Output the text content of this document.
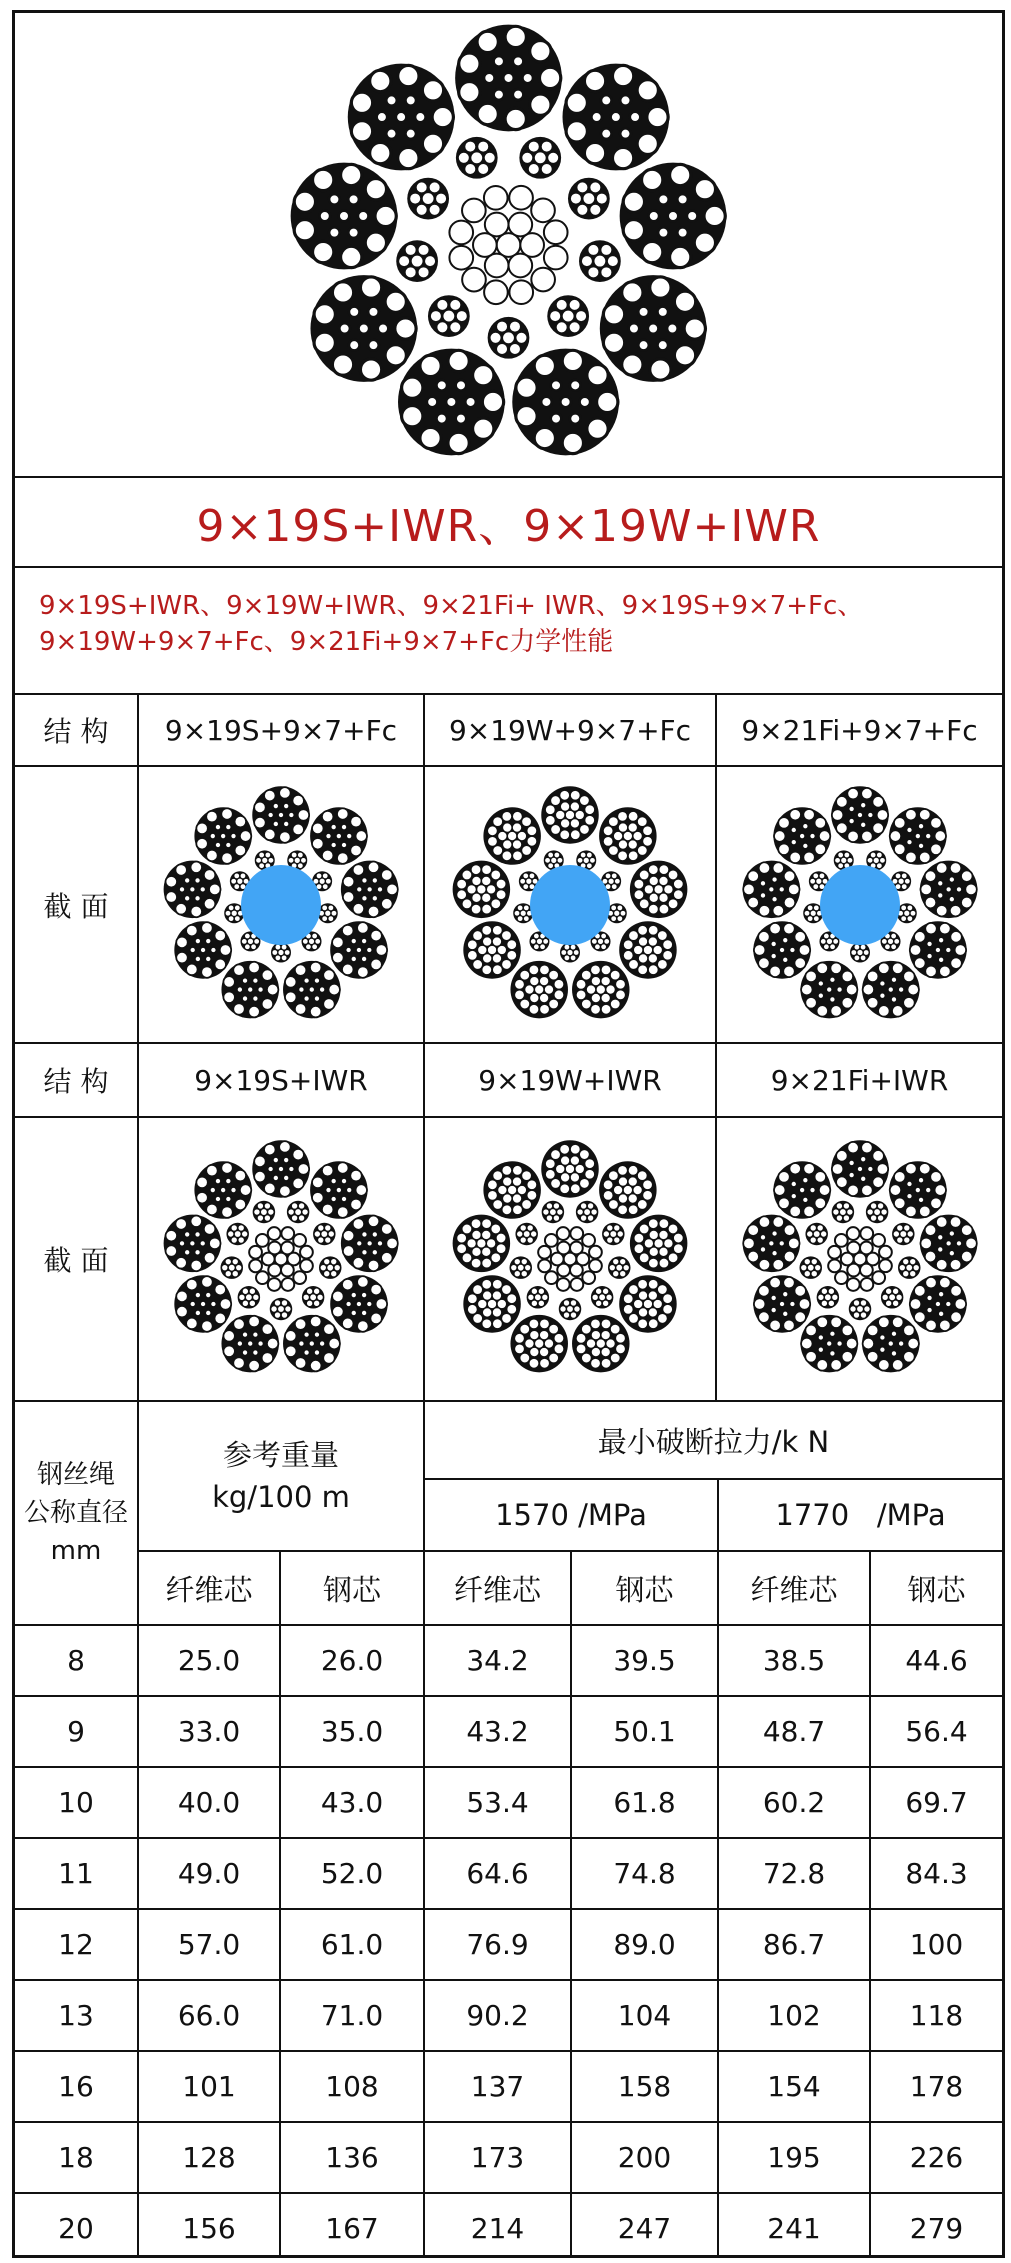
9×19S+IWR、9×19W+IWR
9×19S+IWR、9×19W+IWR、9×21Fi+ IWR、9×19S+9×7+Fc、
9×19W+9×7+Fc、9×21Fi+9×7+Fc力学性能
结 构	9×19S+9×7+Fc	9×19W+9×7+Fc	9×21Fi+9×7+Fc
截 面
结 构	9×19S+IWR	9×19W+IWR	9×21Fi+IWR
截 面
钢丝绳
公称直径
mm
参考重量
kg/100 m
最小破断拉力/k N
1570 /MPa	1770   /MPa
纤维芯	钢芯	纤维芯	钢芯	纤维芯	钢芯
8	25.0	26.0	34.2	39.5	38.5	44.6
9	33.0	35.0	43.2	50.1	48.7	56.4
10	40.0	43.0	53.4	61.8	60.2	69.7
11	49.0	52.0	64.6	74.8	72.8	84.3
12	57.0	61.0	76.9	89.0	86.7	100
13	66.0	71.0	90.2	104	102	118
16	101	108	137	158	154	178
18	128	136	173	200	195	226
20	156	167	214	247	241	279
